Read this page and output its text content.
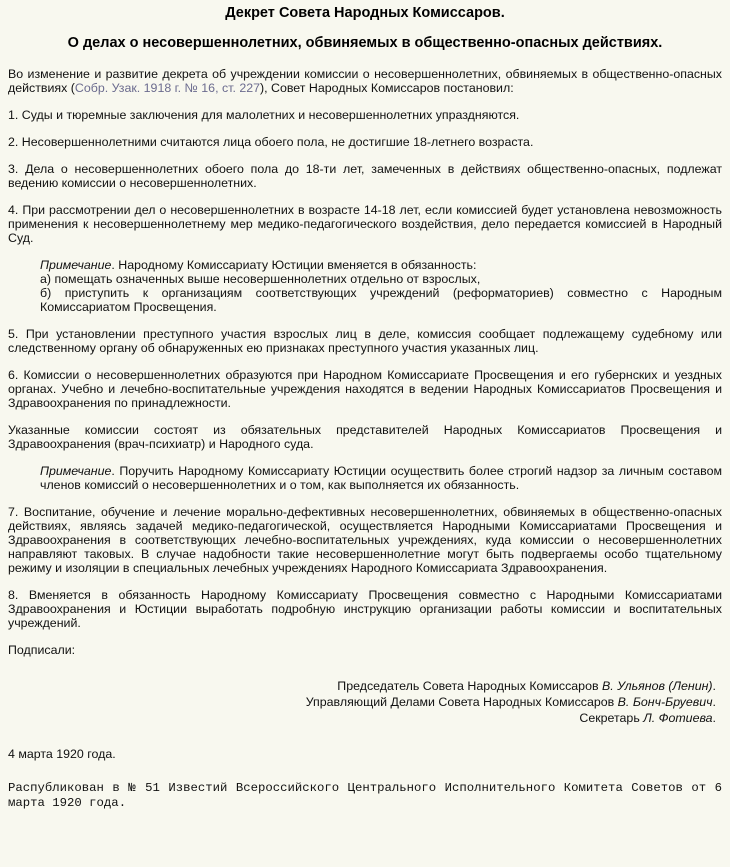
Декрет Совета Народных Комиссаров.
О делах о несовершеннолетних, обвиняемых в общественно-опасных действиях.

Во изменение и развитие декрета об учреждении комиссии о несовершеннолетних, обвиняемых в общественно-опасных действиях (Собр. Узак. 1918 г. № 16, ст. 227), Совет Народных Комиссаров постановил:

1. Суды и тюремные заключения для малолетних и несовершеннолетних упраздняются.

2. Несовершеннолетними считаются лица обоего пола, не достигшие 18-летнего возраста.

3. Дела о несовершеннолетних обоего пола до 18-ти лет, замеченных в действиях общественно-опасных, подлежат ведению комиссии о несовершеннолетних.

4. При рассмотрении дел о несовершеннолетних в возрасте 14-18 лет, если комиссией будет установлена невозможность применения к несовершеннолетнему мер медико-педагогического воздействия, дело передается комиссией в Народный Суд.

Примечание. Народному Комиссариату Юстиции вменяется в обязанность:
а) помещать означенных выше несовершеннолетних отдельно от взрослых,
б) приступить к организациям соответствующих учреждений (реформаториев) совместно с Народным Комиссариатом Просвещения.

5. При установлении преступного участия взрослых лиц в деле, комиссия сообщает подлежащему судебному или следственному органу об обнаруженных ею признаках преступного участия указанных лиц.

6. Комиссии о несовершеннолетних образуются при Народном Комиссариате Просвещения и его губернских и уездных органах. Учебно и лечебно-воспитательные учреждения находятся в ведении Народных Комиссариатов Просвещения и Здравоохранения по принадлежности.

Указанные комиссии состоят из обязательных представителей Народных Комиссариатов Просвещения и Здравоохранения (врач-психиатр) и Народного суда.

Примечание. Поручить Народному Комиссариату Юстиции осуществить более строгий надзор за личным составом членов комиссий о несовершеннолетних и о том, как выполняется их обязанность.

7. Воспитание, обучение и лечение морально-дефективных несовершеннолетних, обвиняемых в общественно-опасных действиях, являясь задачей медико-педагогической, осуществляется Народными Комиссариатами Просвещения и Здравоохранения в соответствующих лечебно-воспитательных учреждениях, куда комиссии о несовершеннолетних направляют таковых. В случае надобности такие несовершеннолетние могут быть подвергаемы особо тщательному режиму и изоляции в специальных лечебных учреждениях Народного Комиссариата Здравоохранения.

8. Вменяется в обязанность Народному Комиссариату Просвещения совместно с Народными Комиссариатами Здравоохранения и Юстиции выработать подробную инструкцию организации работы комиссии и воспитательных учреждений.

Подписали:

Председатель Совета Народных Комиссаров В. Ульянов (Ленин).
Управляющий Делами Совета Народных Комиссаров В. Бонч-Бруевич.
Секретарь Л. Фотиева.

4 марта 1920 года.

Распубликован в № 51 Известий Всероссийского Центрального Исполнительного Комитета Советов от 6 марта 1920 года.
